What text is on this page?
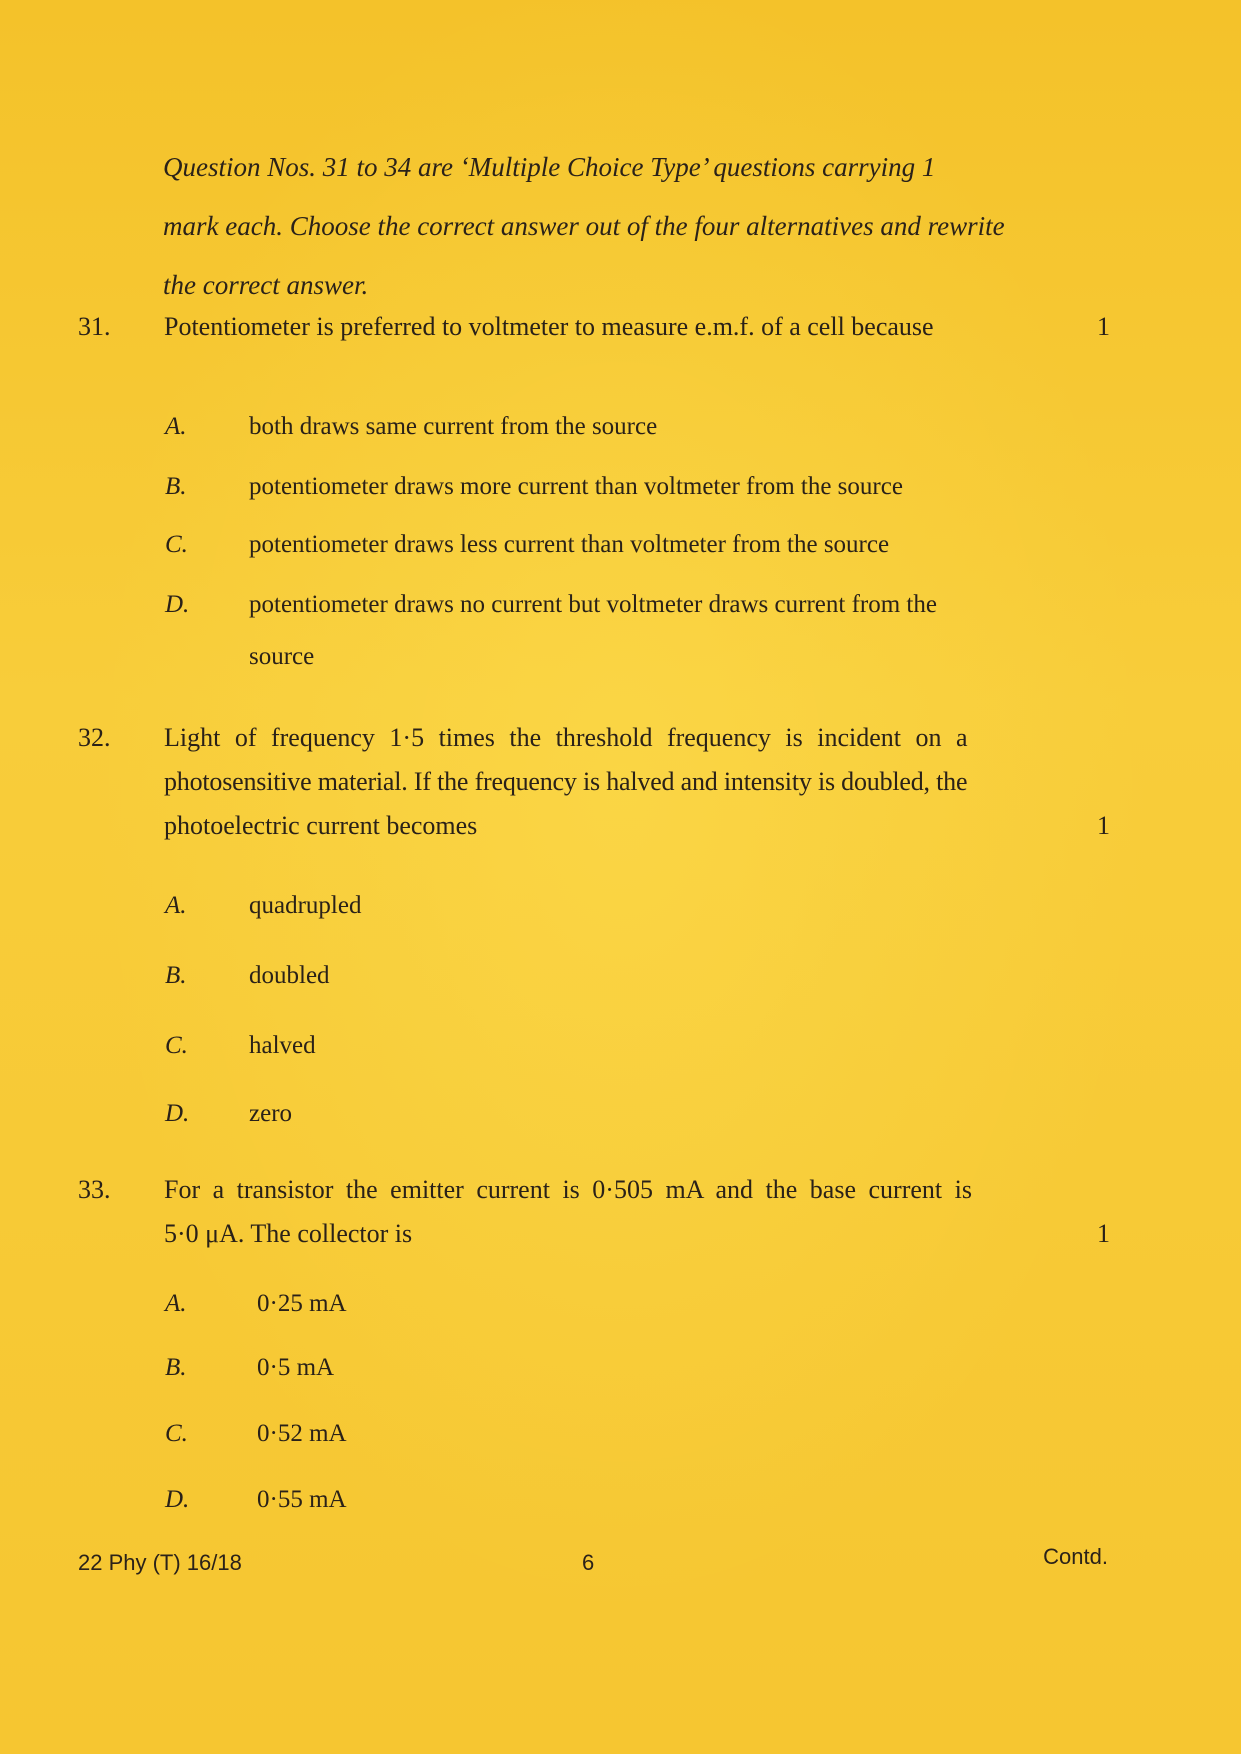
Question Nos. 31 to 34 are ‘Multiple Choice Type’ questions carrying 1
mark each. Choose the correct answer out of the four alternatives and rewrite
the correct answer.
31. Potentiometer is preferred to voltmeter to measure e.m.f. of a cell because	1
A. both draws same current from the source
B. potentiometer draws more current than voltmeter from the source
C. potentiometer draws less current than voltmeter from the source
D. potentiometer draws no current but voltmeter draws current from the
source
32. Light of frequency 1·5 times the threshold frequency is incident on a
photosensitive material. If the frequency is halved and intensity is doubled, the
photoelectric current becomes	1
A. quadrupled
B. doubled
C. halved
D. zero
33. For a transistor the emitter current is 0·505 mA and the base current is
5·0 μA. The collector is	1
A.	0·25 mA
B.	0·5 mA
C.	0·52 mA
D.	0·55 mA
22 Phy (T) 16/18	6	Contd.
